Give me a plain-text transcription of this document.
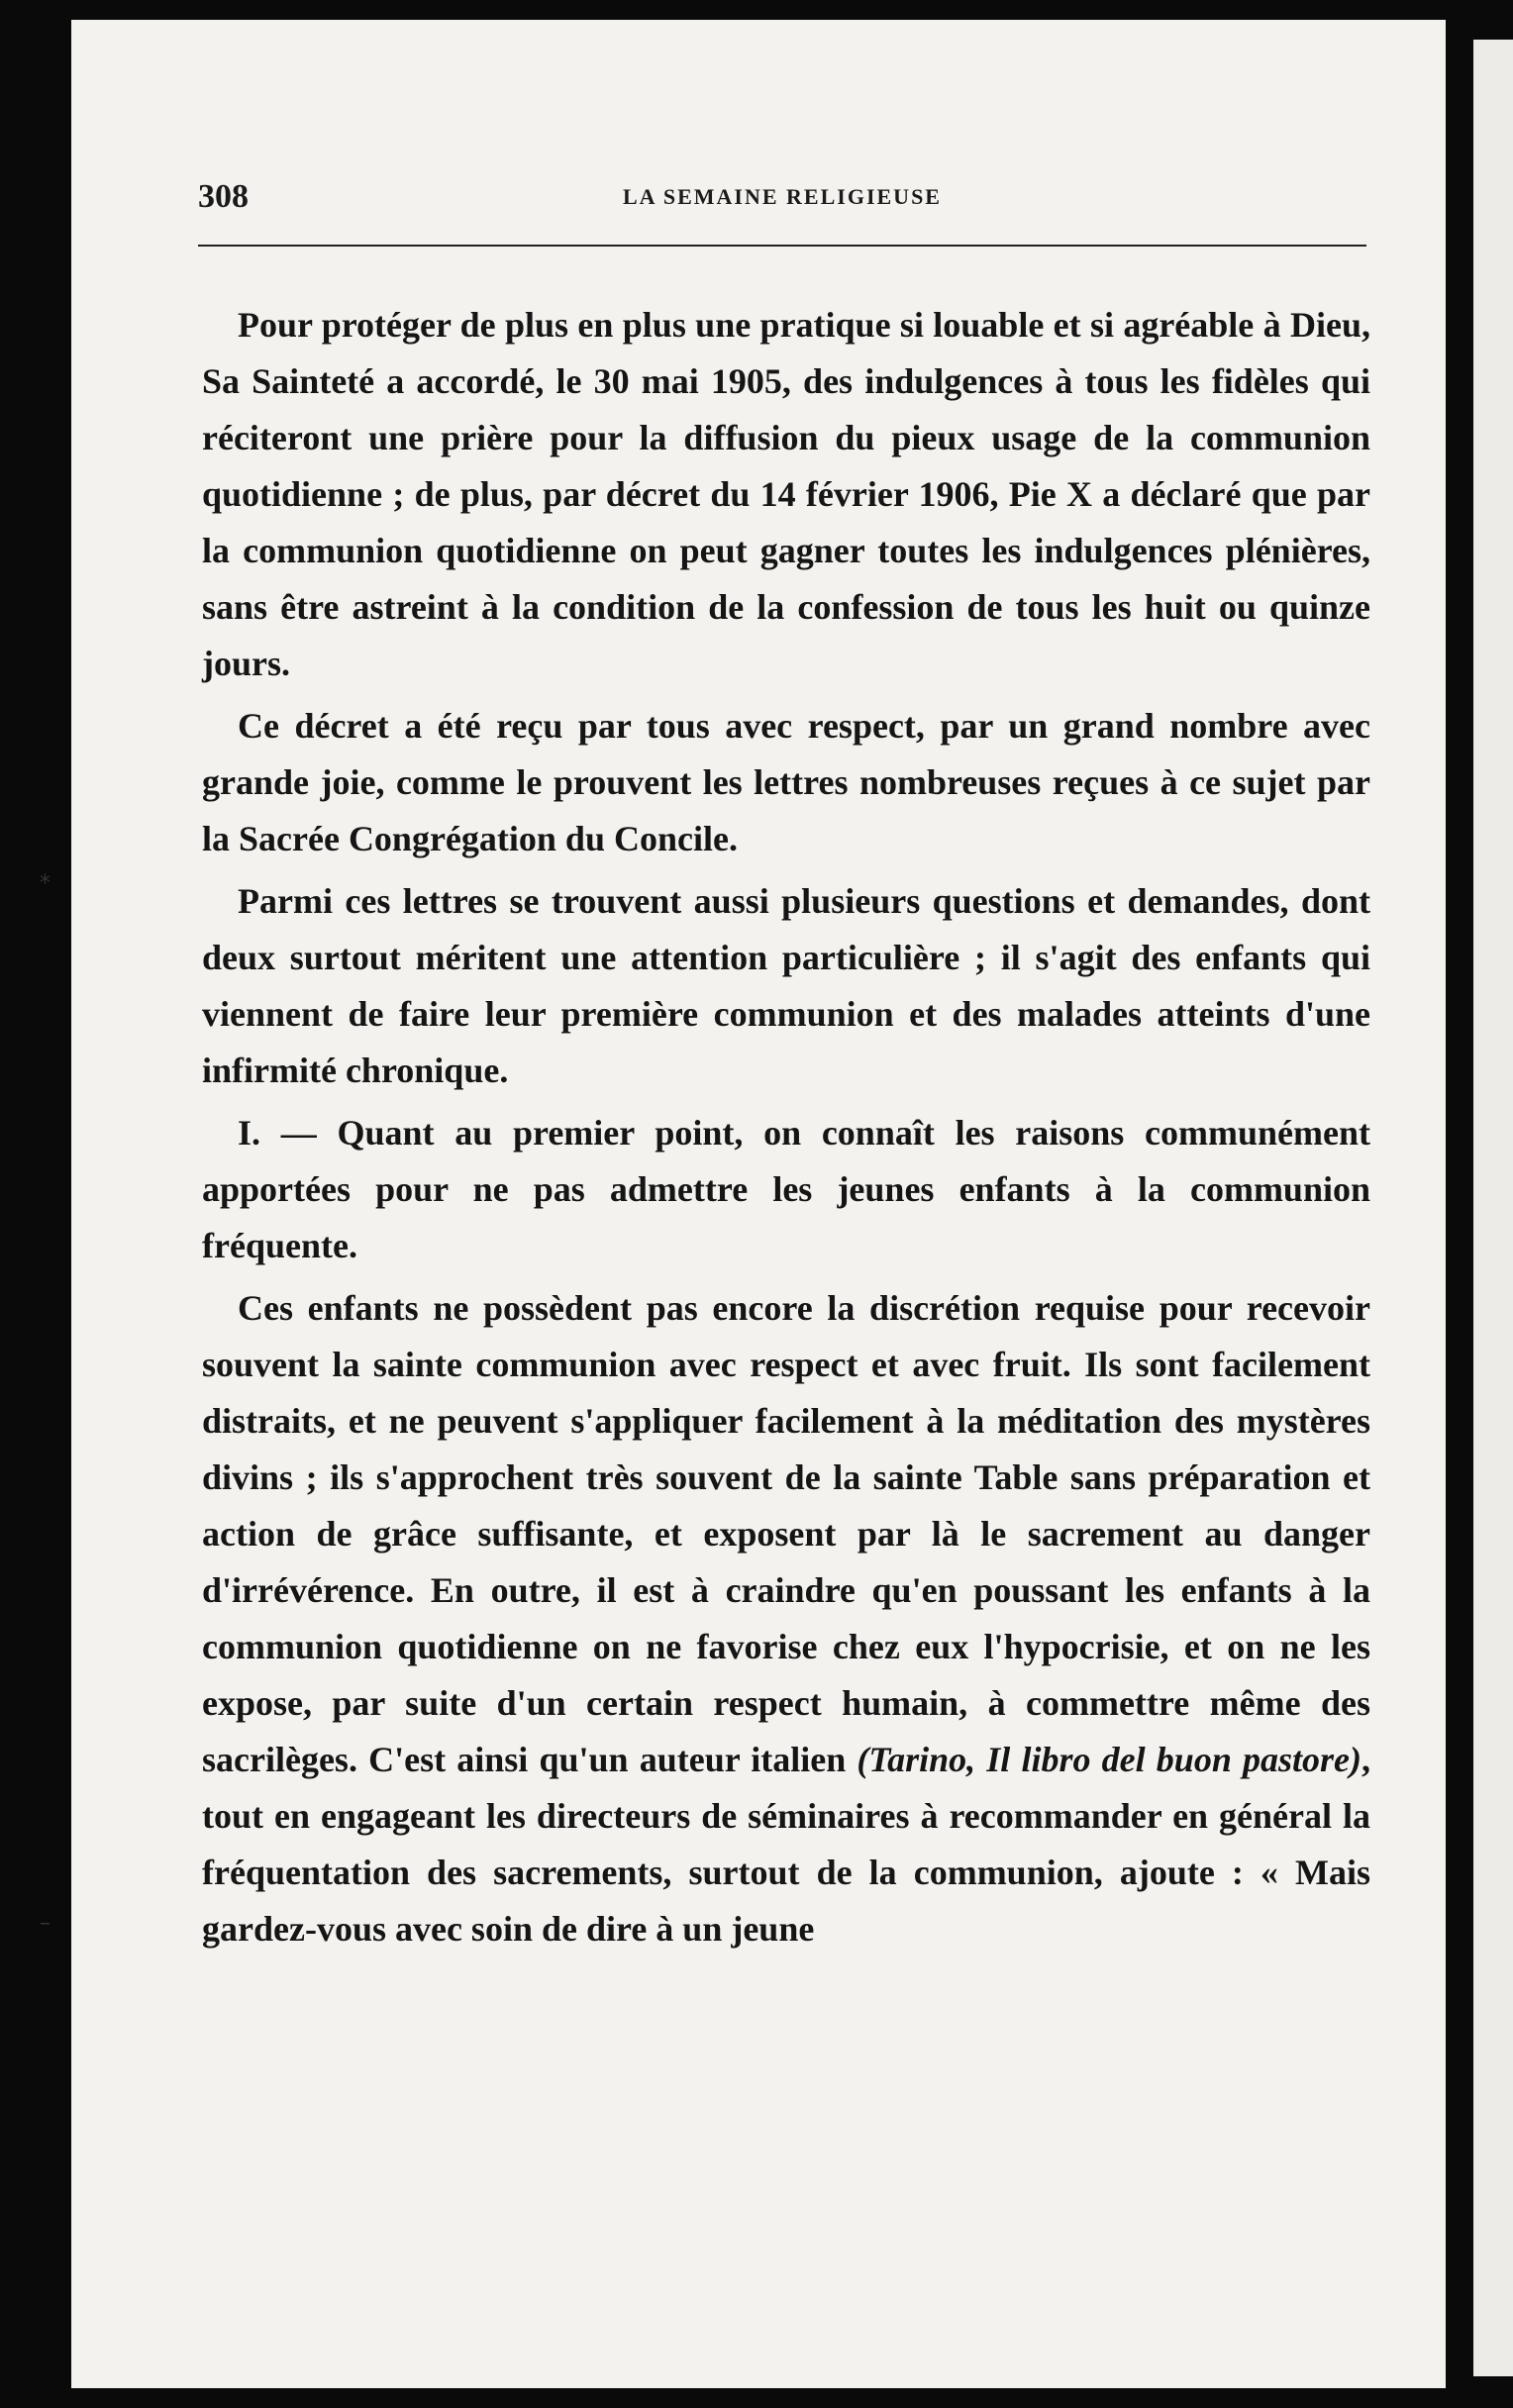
308	LA SEMAINE RELIGIEUSE
*
–

Pour protéger de plus en plus une pratique si louable et si agréable à Dieu, Sa Sainteté a accordé, le 30 mai 1905, des indulgences à tous les fidèles qui réciteront une prière pour la diffusion du pieux usage de la communion quotidienne ; de plus, par décret du 14 février 1906, Pie X a déclaré que par la communion quotidienne on peut gagner toutes les indulgences plénières, sans être astreint à la condition de la confession de tous les huit ou quinze jours.

Ce décret a été reçu par tous avec respect, par un grand nombre avec grande joie, comme le prouvent les lettres nombreuses reçues à ce sujet par la Sacrée Congrégation du Concile.

Parmi ces lettres se trouvent aussi plusieurs questions et demandes, dont deux surtout méritent une attention particulière ; il s'agit des enfants qui viennent de faire leur première communion et des malades atteints d'une infirmité chronique.

I. — Quant au premier point, on connaît les raisons communément apportées pour ne pas admettre les jeunes enfants à la communion fréquente.

Ces enfants ne possèdent pas encore la discrétion requise pour recevoir souvent la sainte communion avec respect et avec fruit. Ils sont facilement distraits, et ne peuvent s'appliquer facilement à la méditation des mystères divins ; ils s'approchent très souvent de la sainte Table sans préparation et action de grâce suffisante, et exposent par là le sacrement au danger d'irrévérence. En outre, il est à craindre qu'en poussant les enfants à la communion quotidienne on ne favorise chez eux l'hypocrisie, et on ne les expose, par suite d'un certain respect humain, à commettre même des sacrilèges. C'est ainsi qu'un auteur italien (Tarino, Il libro del buon pastore), tout en engageant les directeurs de séminaires à recommander en général la fréquentation des sacrements, surtout de la communion, ajoute : « Mais gardez-vous avec soin de dire à un jeune
